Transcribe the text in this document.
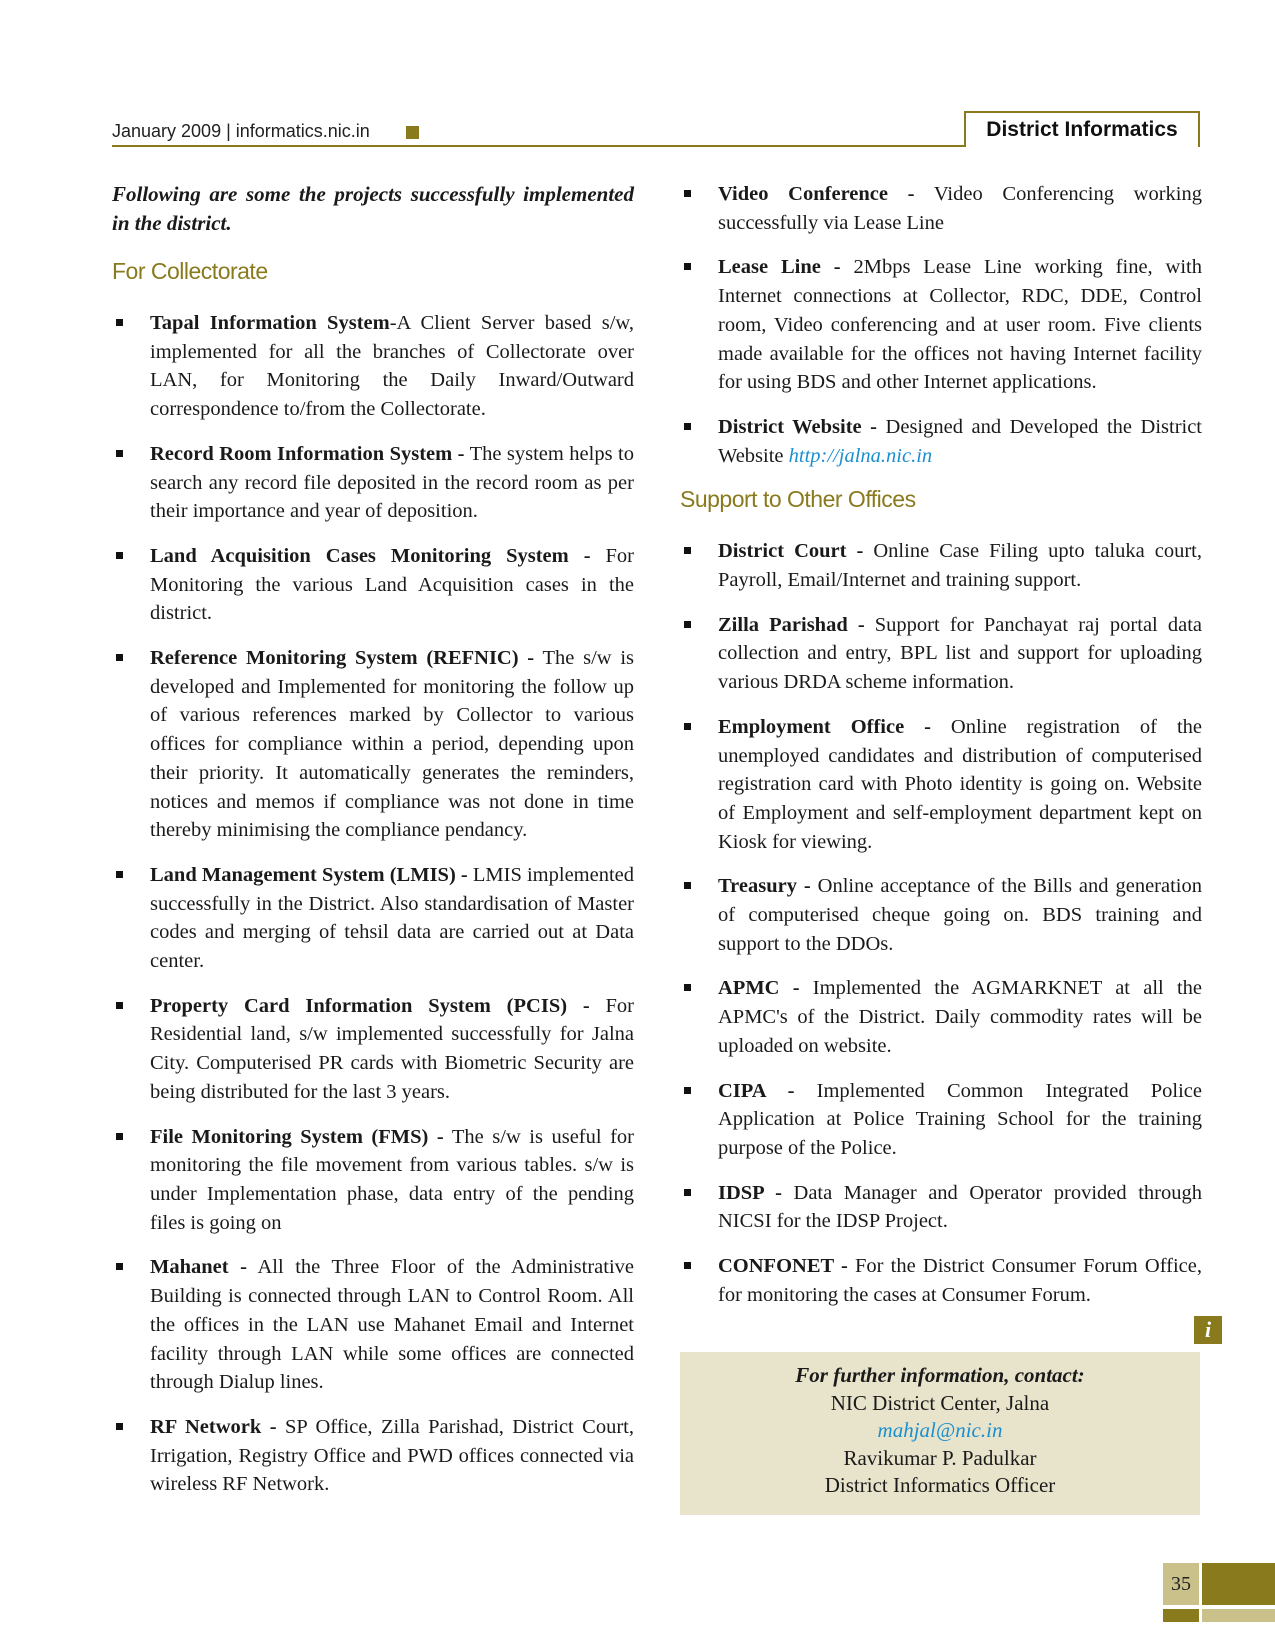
January 2009 | informatics.nic.in	District Informatics

Following are some the projects successfully implemented in the district.

For Collectorate
Tapal Information System-A Client Server based s/w, implemented for all the branches of Collectorate over LAN, for Monitoring the Daily Inward/Outward correspondence to/from the Collectorate.
Record Room Information System - The system helps to search any record file deposited in the record room as per their importance and year of deposition.
Land Acquisition Cases Monitoring System - For Monitoring the various Land Acquisition cases in the district.
Reference Monitoring System (REFNIC) - The s/w is developed and Implemented for monitoring the follow up of various references marked by Collector to various offices for compliance within a period, depending upon their priority. It automatically generates the reminders, notices and memos if compliance was not done in time thereby minimising the compliance pendancy.
Land Management System (LMIS) - LMIS implemented successfully in the District. Also standardisation of Master codes and merging of tehsil data are carried out at Data center.
Property Card Information System (PCIS) - For Residential land, s/w implemented successfully for Jalna City. Computerised PR cards with Biometric Security are being distributed for the last 3 years.
File Monitoring System (FMS) - The s/w is useful for monitoring the file movement from various tables. s/w is under Implementation phase, data entry of the pending files is going on
Mahanet - All the Three Floor of the Administrative Building is connected through LAN to Control Room. All the offices in the LAN use Mahanet Email and Internet facility through LAN while some offices are connected through Dialup lines.
RF Network - SP Office, Zilla Parishad, District Court, Irrigation, Registry Office and PWD offices connected via wireless RF Network.
Video Conference - Video Conferencing working successfully via Lease Line
Lease Line - 2Mbps Lease Line working fine, with Internet connections at Collector, RDC, DDE, Control room, Video conferencing and at user room. Five clients made available for the offices not having Internet facility for using BDS and other Internet applications.
District Website - Designed and Developed the District Website http://jalna.nic.in
Support to Other Offices
District Court - Online Case Filing upto taluka court, Payroll, Email/Internet and training support.
Zilla Parishad - Support for Panchayat raj portal data collection and entry, BPL list and support for uploading various DRDA scheme information.
Employment Office - Online registration of the unemployed candidates and distribution of computerised registration card with Photo identity is going on. Website of Employment and self-employment department kept on Kiosk for viewing.
Treasury - Online acceptance of the Bills and generation of computerised cheque going on. BDS training and support to the DDOs.
APMC - Implemented the AGMARKNET at all the APMC's of the District. Daily commodity rates will be uploaded on website.
CIPA - Implemented Common Integrated Police Application at Police Training School for the training purpose of the Police.
IDSP - Data Manager and Operator provided through NICSI for the IDSP Project.
CONFONET - For the District Consumer Forum Office, for monitoring the cases at Consumer Forum.
i
For further information, contact:
NIC District Center, Jalna
mahjal@nic.in
Ravikumar P. Padulkar
District Informatics Officer
35
